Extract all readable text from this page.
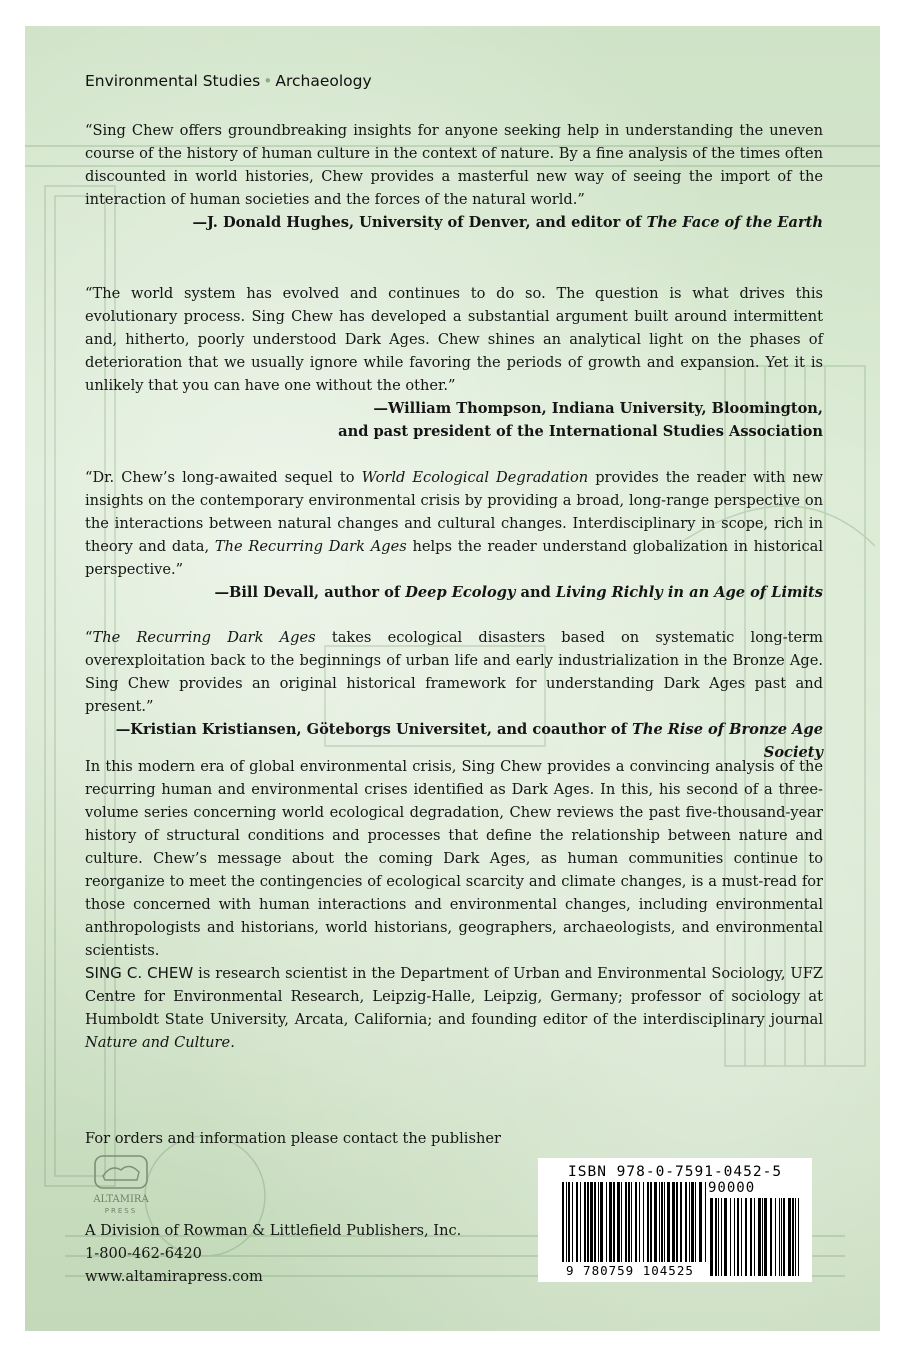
Environmental Studies • Archaeology
“Sing Chew offers groundbreaking insights for anyone seeking help in understanding the uneven course of the history of human culture in the context of nature. By a fine analysis of the times often discounted in world histories, Chew provides a masterful new way of seeing the import of the interaction of human societies and the forces of the natural world.”
—J. Donald Hughes, University of Denver, and editor of The Face of the Earth
“The world system has evolved and continues to do so. The question is what drives this evolutionary process. Sing Chew has developed a substantial argument built around intermittent and, hitherto, poorly understood Dark Ages. Chew shines an analytical light on the phases of deterioration that we usually ignore while favoring the periods of growth and expansion. Yet it is unlikely that you can have one without the other.”
—William Thompson, Indiana University, Bloomington,
and past president of the International Studies Association
“Dr. Chew’s long-awaited sequel to World Ecological Degradation provides the reader with new insights on the contemporary environmental crisis by providing a broad, long-range perspective on the interactions between natural changes and cultural changes. Interdisciplinary in scope, rich in theory and data, The Recurring Dark Ages helps the reader understand globalization in historical perspective.”
—Bill Devall, author of Deep Ecology and Living Richly in an Age of Limits
“The Recurring Dark Ages takes ecological disasters based on systematic long-term overexploitation back to the beginnings of urban life and early industrialization in the Bronze Age. Sing Chew provides an original historical framework for understanding Dark Ages past and present.”
—Kristian Kristiansen, Göteborgs Universitet, and coauthor of The Rise of Bronze Age Society
In this modern era of global environmental crisis, Sing Chew provides a convincing analysis of the recurring human and environmental crises identified as Dark Ages. In this, his second of a three-volume series concerning world ecological degradation, Chew reviews the past five-thousand-year history of structural conditions and processes that define the relationship between nature and culture. Chew’s message about the coming Dark Ages, as human communities continue to reorganize to meet the contingencies of ecological scarcity and climate changes, is a must-read for those concerned with human interactions and environmental changes, including environmental anthropologists and historians, world historians, geographers, archaeologists, and environmental scientists.
SING C. CHEW is research scientist in the Department of Urban and Environmental Sociology, UFZ Centre for Environmental Research, Leipzig-Halle, Leipzig, Germany; professor of sociology at Humboldt State University, Arcata, California; and founding editor of the interdisciplinary journal Nature and Culture.
For orders and information please contact the publisher
ALTAMIRA
PRESS
A Division of Rowman & Littlefield Publishers, Inc.
1-800-462-6420
www.altamirapress.com
ISBN 978-0-7591-0452-5
90000
9 780759 104525
